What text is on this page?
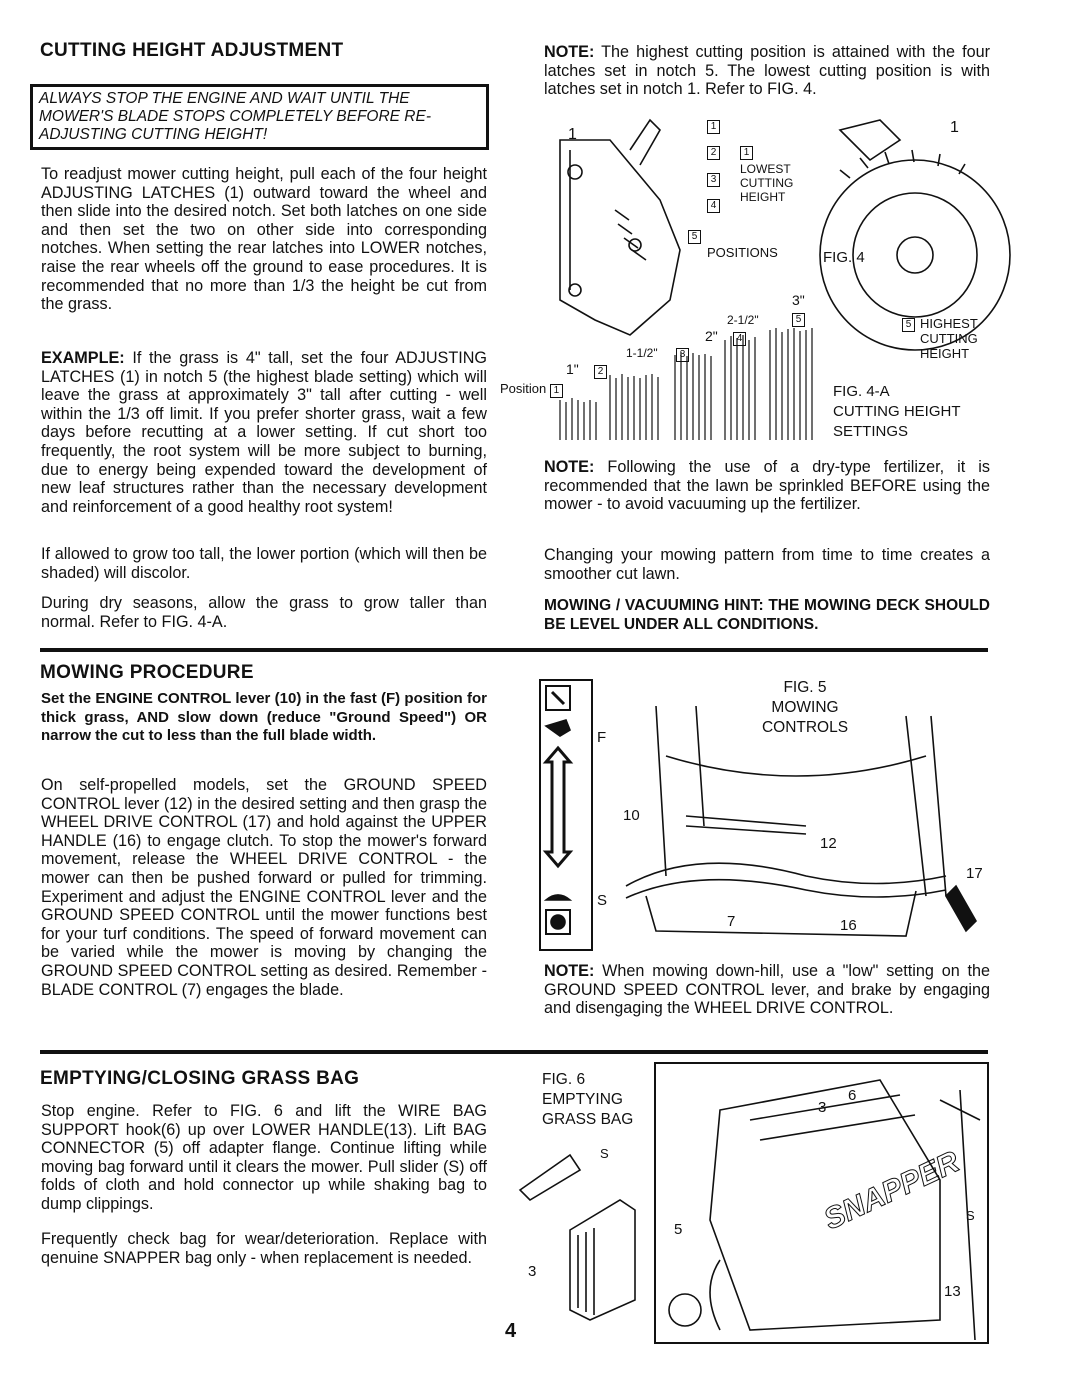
CUTTING HEIGHT ADJUSTMENT
ALWAYS STOP THE ENGINE AND WAIT UNTIL THE MOWER'S BLADE STOPS COMPLETELY BEFORE RE-ADJUSTING CUTTING HEIGHT!

To readjust mower cutting height, pull each of the four height ADJUSTING LATCHES (1) outward toward the wheel and then slide into the desired notch. Set both latches on one side and then set the two on other side into corresponding notches. When setting the rear latches into LOWER notches, raise the rear wheels off the ground to ease procedures. It is recommended that no more than 1/3 the height be cut from the grass.

EXAMPLE: If the grass is 4" tall, set the four ADJUSTING LATCHES (1) in notch 5 (the highest blade setting) which will leave the grass at approximately 3" tall after cutting - well within the 1/3 off limit. If you prefer shorter grass, wait a few days before recutting at a lower setting. If cut short too frequently, the root system will be more subject to burning, due to energy being expended toward the development of new leaf structures rather than the necessary development and reinforcement of a good healthy root system!

If allowed to grow too tall, the lower portion (which will then be shaded) will discolor.

During dry seasons, allow the grass to grow taller than normal. Refer to FIG. 4-A.

MOWING PROCEDURE

Set the ENGINE CONTROL lever (10) in the fast (F) position for thick grass, AND slow down (reduce "Ground Speed") OR narrow the cut to less than the full blade width.

On self-propelled models, set the GROUND SPEED CONTROL lever (12) in the desired setting and then grasp the WHEEL DRIVE CONTROL (17) and hold against the UPPER HANDLE (16) to engage clutch. To stop the mower's forward movement, release the WHEEL DRIVE CONTROL - the mower can then be pushed forward or pulled for trimming. Experiment and adjust the ENGINE CONTROL lever and the GROUND SPEED CONTROL until the mower functions best for your turf conditions. The speed of forward movement can be varied while the mower is moving by changing the GROUND SPEED CONTROL setting as desired. Remember - BLADE CONTROL (7) engages the blade.

EMPTYING/CLOSING GRASS BAG

Stop engine. Refer to FIG. 6 and lift the WIRE BAG SUPPORT hook(6) up over LOWER HANDLE(13). Lift BAG CONNECTOR (5) off adapter flange. Continue lifting while moving bag forward until it clears the mower. Pull slider (S) off folds of cloth and hold connector up while shaking bag to dump clippings.

Frequently check bag for wear/deterioration. Replace with qenuine SNAPPER bag only - when replacement is needed.

NOTE: The highest cutting position is attained with the four latches set in notch 5. The lowest cutting position is with latches set in notch 1. Refer to FIG. 4.

1	1
1
2
3
4
5
1
LOWEST
CUTTING
HEIGHT
POSITIONS	FIG. 4
3"
2-1/2"	5
2"	4
1-1/2"	3
1"	2
Position 1
5 HIGHEST
CUTTING
HEIGHT
FIG. 4-A
CUTTING HEIGHT
SETTINGS

NOTE: Following the use of a dry-type fertilizer, it is recommended that the lawn be sprinkled BEFORE using the mower - to avoid vacuuming up the fertilizer.

Changing your mowing pattern from time to time creates a smoother cut lawn.

MOWING / VACUUMING HINT: THE MOWING DECK SHOULD BE LEVEL UNDER ALL CONDITIONS.

F
S
FIG. 5
MOWING
CONTROLS
10
12
17
7	16

NOTE: When mowing down-hill, use a "low" setting on the GROUND SPEED CONTROL lever, and brake by engaging and disengaging the WHEEL DRIVE CONTROL.

FIG. 6
EMPTYING
GRASS BAG
SNAPPER
S
S
3
5
3
6
13
4
